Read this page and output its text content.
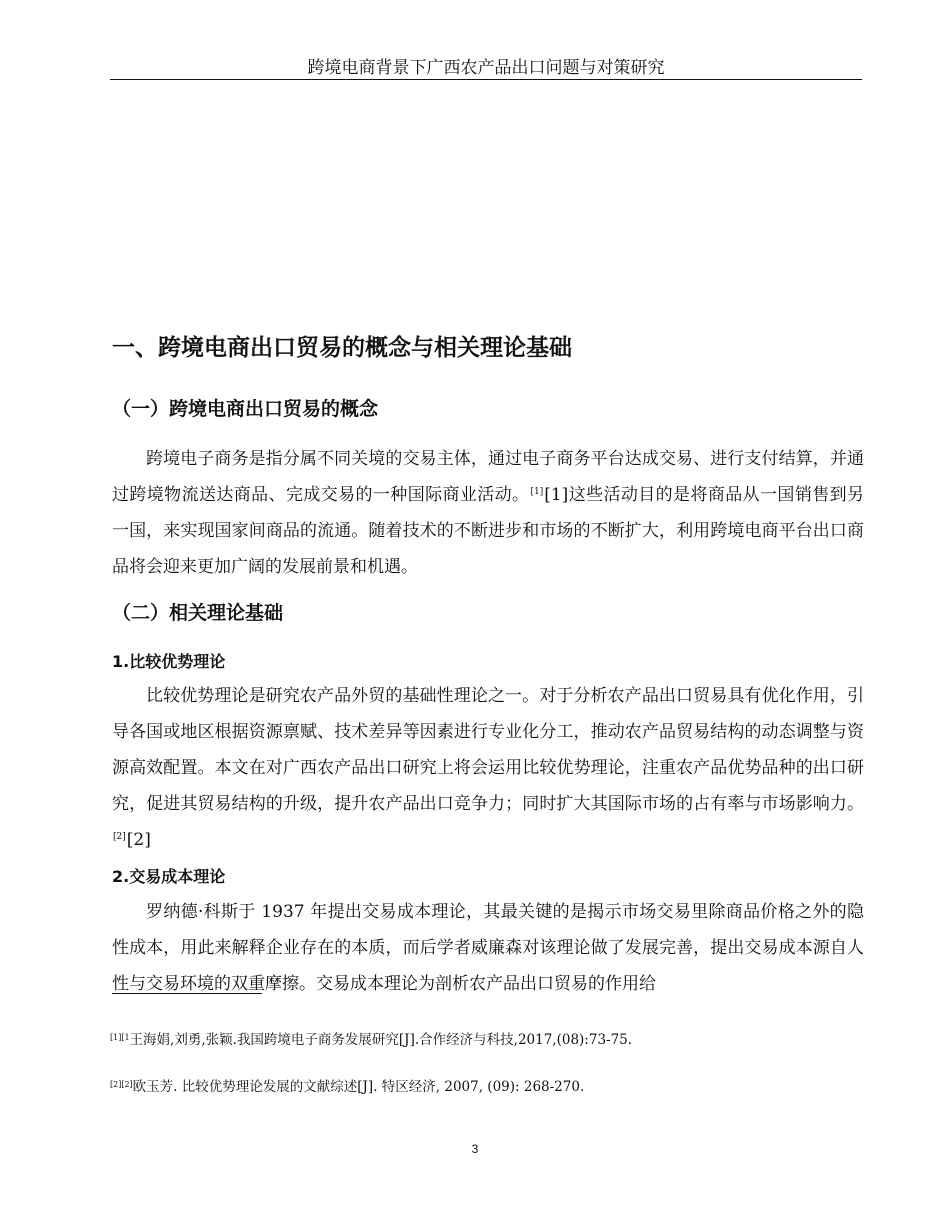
跨境电商背景下广西农产品出口问题与对策研究
一、跨境电商出口贸易的概念与相关理论基础
（一）跨境电商出口贸易的概念

跨境电子商务是指分属不同关境的交易主体，通过电子商务平台达成交易、进行支付结算，并通过跨境物流送达商品、完成交易的一种国际商业活动。[1][1]这些活动目的是将商品从一国销售到另一国，来实现国家间商品的流通。随着技术的不断进步和市场的不断扩大，利用跨境电商平台出口商品将会迎来更加广阔的发展前景和机遇。

（二）相关理论基础
1.比较优势理论

比较优势理论是研究农产品外贸的基础性理论之一。对于分析农产品出口贸易具有优化作用，引导各国或地区根据资源禀赋、技术差异等因素进行专业化分工，推动农产品贸易结构的动态调整与资源高效配置。本文在对广西农产品出口研究上将会运用比较优势理论，注重农产品优势品种的出口研究，促进其贸易结构的升级，提升农产品出口竞争力；同时扩大其国际市场的占有率与市场影响力。[2][2]

2.交易成本理论

罗纳德·科斯于 1937 年提出交易成本理论，其最关键的是揭示市场交易里除商品价格之外的隐性成本，用此来解释企业存在的本质，而后学者威廉森对该理论做了发展完善，提出交易成本源自人性与交易环境的双重摩擦。交易成本理论为剖析农产品出口贸易的作用给

$^{[1][1}$王海娟,刘勇,张颖.我国跨境电子商务发展研究[J].合作经济与科技,2017,(08):73-75.
[2][2]欧玉芳. 比较优势理论发展的文献综述[J]. 特区经济, 2007, (09): 268-270.
3
